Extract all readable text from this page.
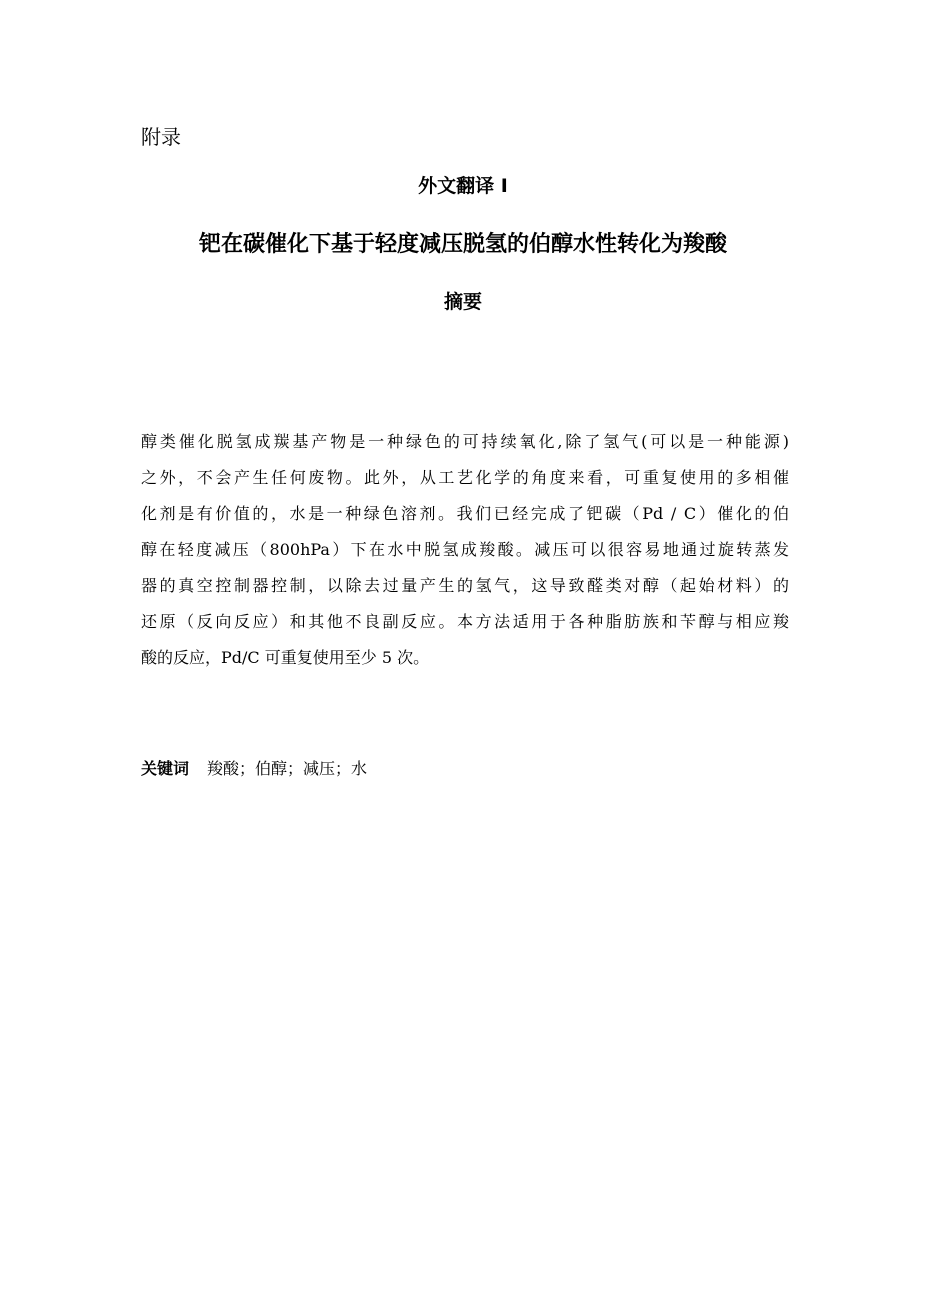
附录
外文翻译 I
钯在碳催化下基于轻度减压脱氢的伯醇水性转化为羧酸
摘要
醇类催化脱氢成羰基产物是一种绿色的可持续氧化,除了氢气(可以是一种能源)
之外，不会产生任何废物。此外，从工艺化学的角度来看，可重复使用的多相催
化剂是有价值的，水是一种绿色溶剂。我们已经完成了钯碳（Pd / C）催化的伯
醇在轻度减压（800hPa）下在水中脱氢成羧酸。减压可以很容易地通过旋转蒸发
器的真空控制器控制，以除去过量产生的氢气，这导致醛类对醇（起始材料）的
还原（反向反应）和其他不良副反应。本方法适用于各种脂肪族和苄醇与相应羧
酸的反应，Pd/C 可重复使用至少 5 次。
关键词 羧酸；伯醇；减压；水
